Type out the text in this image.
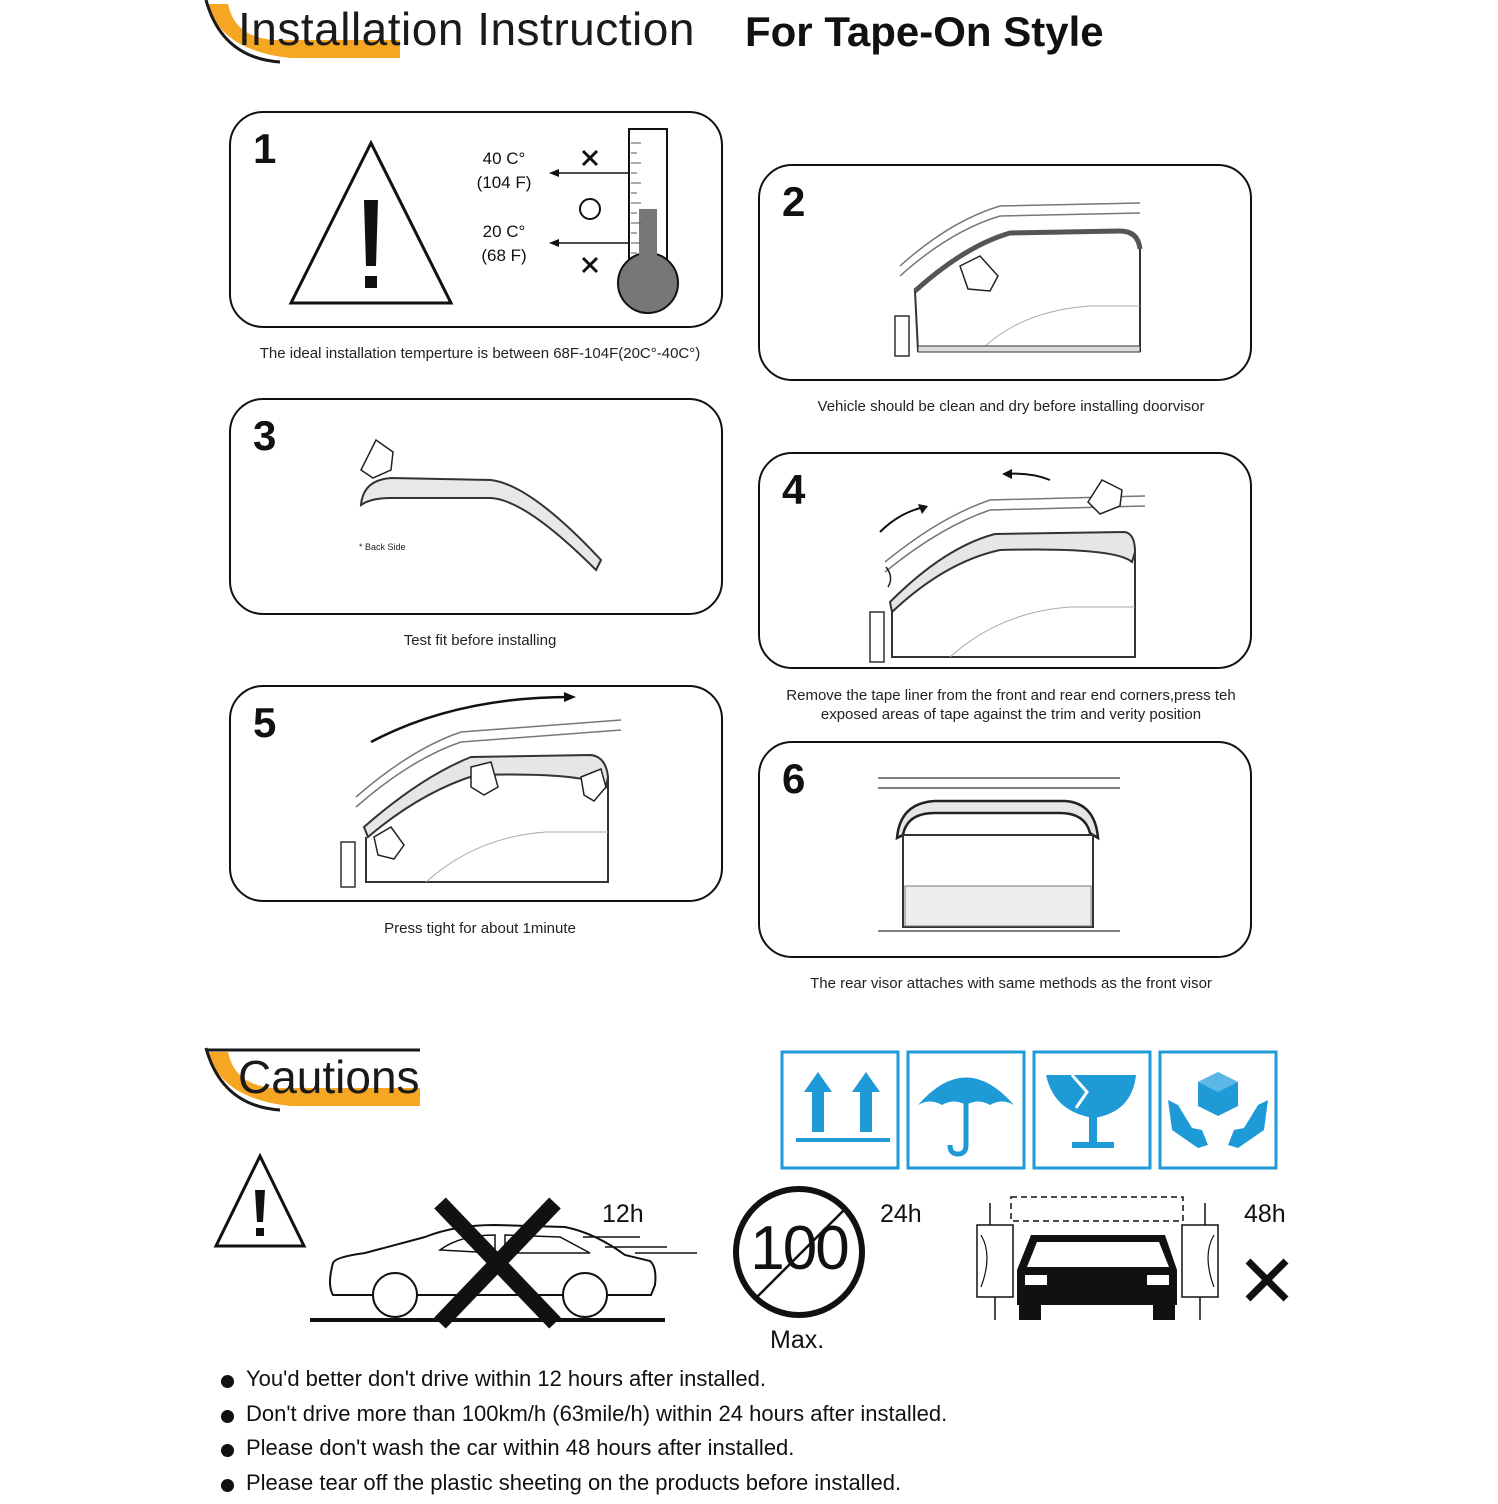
Installation Instruction For Tape-On Style
1	40 C°
(104 F)
20 C°
(68 F)
The ideal installation temperture is between 68F-104F(20C°-40C°)
2
Vehicle should be clean and dry before installing doorvisor
3
* Back Side
Test fit before installing
4
Remove the tape liner from the front and rear end corners,press teh
exposed areas of tape against the trim and verity position
5
Press tight for about 1minute
6
The rear visor attaches with same methods as the front visor
Cautions
12h 100	24h
Max.
48h
You'd better don't drive within 12 hours after installed.
Don't drive more than 100km/h (63mile/h) within 24 hours after installed.
Please don't wash the car within 48 hours after installed.
Please tear off the plastic sheeting on the products before installed.
